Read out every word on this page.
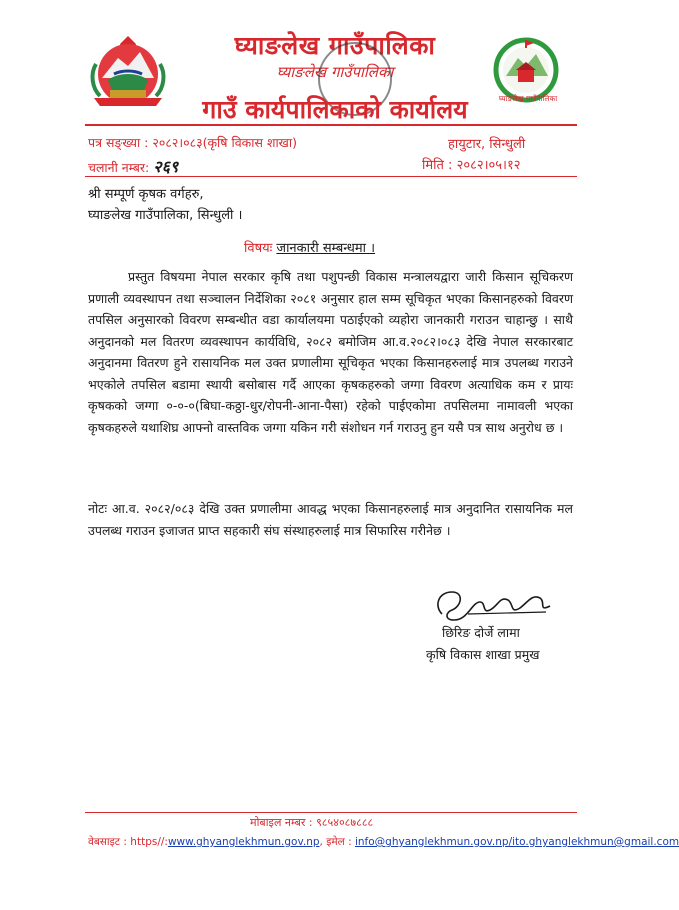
घ्याङलेख गाउँपालिका
घ्याङलेख गाउँपालिका
घ्याङलेख गाउँपालिका
गाउँ कार्यपालिकाको कार्यालय
पत्र सङ्ख्या : २०८२।०८३(कृषि विकास शाखा)	हायुटार, सिन्धुली
चलानी नम्बर: २६९	मिति : २०८२।०५।१२
श्री सम्पूर्ण कृषक वर्गहरु,
घ्याङलेख गाउँपालिका, सिन्धुली ।
विषयः जानकारी सम्बन्धमा ।
प्रस्तुत विषयमा नेपाल सरकार कृषि तथा पशुपन्छी विकास मन्त्रालयद्वारा जारी किसान सूचिकरण प्रणाली व्यवस्थापन तथा सञ्चालन निर्देशिका २०८१ अनुसार हाल सम्म सूचिकृत भएका किसानहरुको विवरण तपसिल अनुसारको विवरण सम्बन्धीत वडा कार्यालयमा पठाईएको व्यहोरा जानकारी गराउन चाहान्छु । साथै अनुदानको मल वितरण व्यवस्थापन कार्यविधि, २०८२ बमोजिम आ.व.२०८२।०८३ देखि नेपाल सरकारबाट अनुदानमा वितरण हुने रासायनिक मल उक्त प्रणालीमा सूचिकृत भएका किसानहरुलाई मात्र उपलब्ध गराउने भएकोले तपसिल बडामा स्थायी बसोबास गर्दै आएका कृषकहरुको जग्गा विवरण अत्याधिक कम र प्रायः कृषकको जग्गा ०-०-०(बिघा-कठ्ठा-धुर/रोपनी-आना-पैसा) रहेको पाईएकोमा तपसिलमा नामावली भएका कृषकहरुले यथाशिघ्र आफ्नो वास्तविक जग्गा यकिन गरी संशोधन गर्न गराउनु हुन यसै पत्र साथ अनुरोध छ ।
नोटः आ.व. २०८२/०८३ देखि उक्त प्रणालीमा आवद्ध भएका किसानहरुलाई मात्र अनुदानित रासायनिक मल उपलब्ध गराउन इजाजत प्राप्त सहकारी संघ संस्थाहरुलाई मात्र सिफारिस गरीनेछ ।
छिरिङ दोर्जे लामा
कृषि विकास शाखा प्रमुख
मोबाइल नम्बर : ९८५४०८७८८८
वेबसाइट : https//:www.ghyanglekhmun.gov.np, इमेल : info@ghyanglekhmun.gov.np/ito.ghyanglekhmun@gmail.com
